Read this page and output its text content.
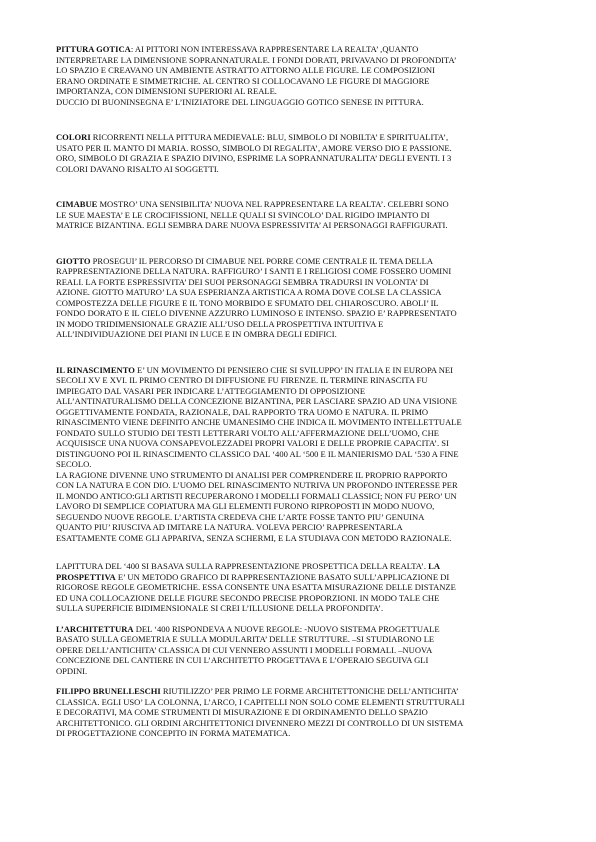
PITTURA GOTICA: AI PITTORI NON INTERESSAVA RAPPRESENTARE LA REALTA’ ,QUANTO
INTERPRETARE LA DIMENSIONE SOPRANNATURALE. I FONDI DORATI, PRIVAVANO DI PROFONDITA’
LO SPAZIO E CREAVANO UN AMBIENTE ASTRATTO ATTORNO ALLE FIGURE. LE COMPOSIZIONI
ERANO ORDINATE E SIMMETRICHE. AL CENTRO SI COLLOCAVANO LE FIGURE DI MAGGIORE
IMPORTANZA, CON DIMENSIONI SUPERIORI AL REALE.
DUCCIO DI BUONINSEGNA E’ L’INIZIATORE DEL LINGUAGGIO GOTICO SENESE IN PITTURA.

COLORI RICORRENTI NELLA PITTURA MEDIEVALE: BLU, SIMBOLO DI NOBILTA’ E SPIRITUALITA’,
USATO PER IL MANTO DI MARIA. ROSSO, SIMBOLO DI REGALITA’, AMORE VERSO DIO E PASSIONE.
ORO, SIMBOLO DI GRAZIA E SPAZIO DIVINO, ESPRIME LA SOPRANNATURALITA’ DEGLI EVENTI. I 3
COLORI DAVANO RISALTO AI SOGGETTI.

CIMABUE MOSTRO’ UNA SENSIBILITA’ NUOVA NEL RAPPRESENTARE LA REALTA’. CELEBRI SONO
LE SUE MAESTA’ E LE CROCIFISSIONI, NELLE QUALI SI SVINCOLO’ DAL RIGIDO IMPIANTO DI
MATRICE BIZANTINA. EGLI SEMBRA DARE NUOVA ESPRESSIVITA’ AI PERSONAGGI RAFFIGURATI.

GIOTTO PROSEGUI’ IL PERCORSO DI CIMABUE NEL PORRE COME CENTRALE IL TEMA DELLA
RAPPRESENTAZIONE DELLA NATURA. RAFFIGURO’ I SANTI E I RELIGIOSI COME FOSSERO UOMINI
REALI. LA FORTE ESPRESSIVITA’ DEI SUOI PERSONAGGI SEMBRA TRADURSI IN VOLONTA’ DI
AZIONE. GIOTTO MATURO’ LA SUA ESPERIANZA ARTISTICA A ROMA DOVE COLSE LA CLASSICA
COMPOSTEZZA DELLE FIGURE E IL TONO MORBIDO E SFUMATO DEL CHIAROSCURO. ABOLI’ IL
FONDO DORATO E IL CIELO DIVENNE AZZURRO LUMINOSO E INTENSO. SPAZIO E’ RAPPRESENTATO
IN MODO TRIDIMENSIONALE GRAZIE ALL’USO DELLA PROSPETTIVA INTUITIVA E
ALL’INDIVIDUAZIONE DEI PIANI IN LUCE E IN OMBRA DEGLI EDIFICI.

IL RINASCIMENTO E’ UN MOVIMENTO DI PENSIERO CHE SI SVILUPPO’ IN ITALIA E IN EUROPA NEI
SECOLI XV E XVI. IL PRIMO CENTRO DI DIFFUSIONE FU FIRENZE. IL TERMINE RINASCITA FU
IMPIEGATO DAL VASARI PER INDICARE L’ATTEGGIAMENTO DI OPPOSIZIONE
ALL’ANTINATURALISMO DELLA CONCEZIONE BIZANTINA, PER LASCIARE SPAZIO AD UNA VISIONE
OGGETTIVAMENTE FONDATA, RAZIONALE, DAL RAPPORTO TRA UOMO E NATURA. IL PRIMO
RINASCIMENTO VIENE DEFINITO ANCHE UMANESIMO CHE INDICA IL MOVIMENTO INTELLETTUALE
FONDATO SULLO STUDIO DEI TESTI LETTERARI VOLTO ALL’AFFERMAZIONE DELL’UOMO, CHE
ACQUISISCE UNA NUOVA CONSAPEVOLEZZADEI PROPRI VALORI E DELLE PROPRIE CAPACITA’. SI
DISTINGUONO POI IL RINASCIMENTO CLASSICO DAL ‘400 AL ‘500 E IL MANIERISMO DAL ‘530 A FINE
SECOLO.
LA RAGIONE DIVENNE UNO STRUMENTO DI ANALISI PER COMPRENDERE IL PROPRIO RAPPORTO
CON LA NATURA E CON DIO. L’UOMO DEL RINASCIMENTO NUTRIVA UN PROFONDO INTERESSE PER
IL MONDO ANTICO:GLI ARTISTI RECUPERARONO I MODELLI FORMALI CLASSICI; NON FU PERO’ UN
LAVORO DI SEMPLICE COPIATURA MA GLI ELEMENTI FURONO RIPROPOSTI IN MODO NUOVO,
SEGUENDO NUOVE REGOLE. L’ARTISTA CREDEVA CHE L’ARTE FOSSE TANTO PIU’ GENUINA
QUANTO PIU’ RIUSCIVA AD IMITARE LA NATURA. VOLEVA PERCIO’ RAPPRESENTARLA
ESATTAMENTE COME GLI APPARIVA, SENZA SCHERMI, E LA STUDIAVA CON METODO RAZIONALE.

LAPITTURA DEL ‘400 SI BASAVA SULLA RAPPRESENTAZIONE PROSPETTICA DELLA REALTA’. LA
PROSPETTIVA E’ UN METODO GRAFICO DI RAPPRESENTAZIONE BASATO SULL’APPLICAZIONE DI
RIGOROSE REGOLE GEOMETRICHE. ESSA CONSENTE UNA ESATTA MISURAZIONE DELLE DISTANZE
ED UNA COLLOCAZIONE DELLE FIGURE SECONDO PRECISE PROPORZIONI. IN MODO TALE CHE
SULLA SUPERFICIE BIDIMENSIONALE SI CREI L’ILLUSIONE DELLA PROFONDITA’.

L’ARCHITETTURA DEL ‘400 RISPONDEVA A NUOVE REGOLE: -NUOVO SISTEMA PROGETTUALE
BASATO SULLA GEOMETRIA E SULLA MODULARITA’ DELLE STRUTTURE. –SI STUDIARONO LE
OPERE DELL’ANTICHITA’ CLASSICA DI CUI VENNERO ASSUNTI I MODELLI FORMALI. –NUOVA
CONCEZIONE DEL CANTIERE IN CUI L’ARCHITETTO PROGETTAVA E L’OPERAIO SEGUIVA GLI
OPDINI.

FILIPPO BRUNELLESCHI RIUTILIZZO’ PER PRIMO LE FORME ARCHITETTONICHE DELL’ANTICHITA’
CLASSICA. EGLI USO’ LA COLONNA, L’ARCO, I CAPITELLI NON SOLO COME ELEMENTI STRUTTURALI
E DECORATIVI, MA COME STRUMENTI DI MISURAZIONE E DI ORDINAMENTO DELLO SPAZIO
ARCHITETTONICO. GLI ORDINI ARCHITETTONICI DIVENNERO MEZZI DI CONTROLLO DI UN SISTEMA
DI PROGETTAZIONE CONCEPITO IN FORMA MATEMATICA.
